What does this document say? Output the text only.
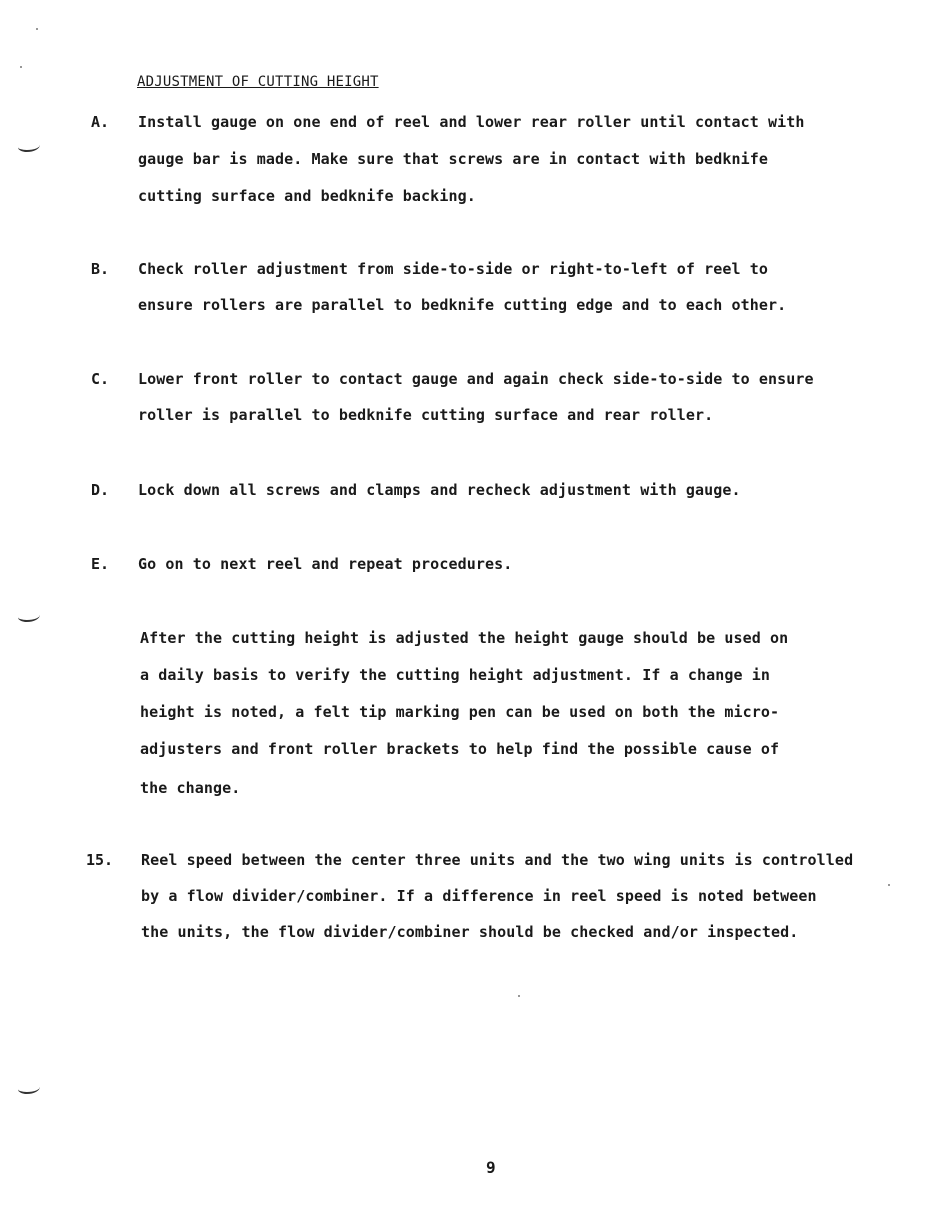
ADJUSTMENT OF CUTTING HEIGHT
A. Install gauge on one end of reel and lower rear roller until contact with
gauge bar is made. Make sure that screws are in contact with bedknife
cutting surface and bedknife backing.
B. Check roller adjustment from side-to-side or right-to-left of reel to
ensure rollers are parallel to bedknife cutting edge and to each other.
C. Lower front roller to contact gauge and again check side-to-side to ensure
roller is parallel to bedknife cutting surface and rear roller.
D. Lock down all screws and clamps and recheck adjustment with gauge.
E. Go on to next reel and repeat procedures.
After the cutting height is adjusted the height gauge should be used on
a daily basis to verify the cutting height adjustment. If a change in
height is noted, a felt tip marking pen can be used on both the micro-
adjusters and front roller brackets to help find the possible cause of
the change.
15. Reel speed between the center three units and the two wing units is controlled
by a flow divider/combiner. If a difference in reel speed is noted between
the units, the flow divider/combiner should be checked and/or inspected.
9
